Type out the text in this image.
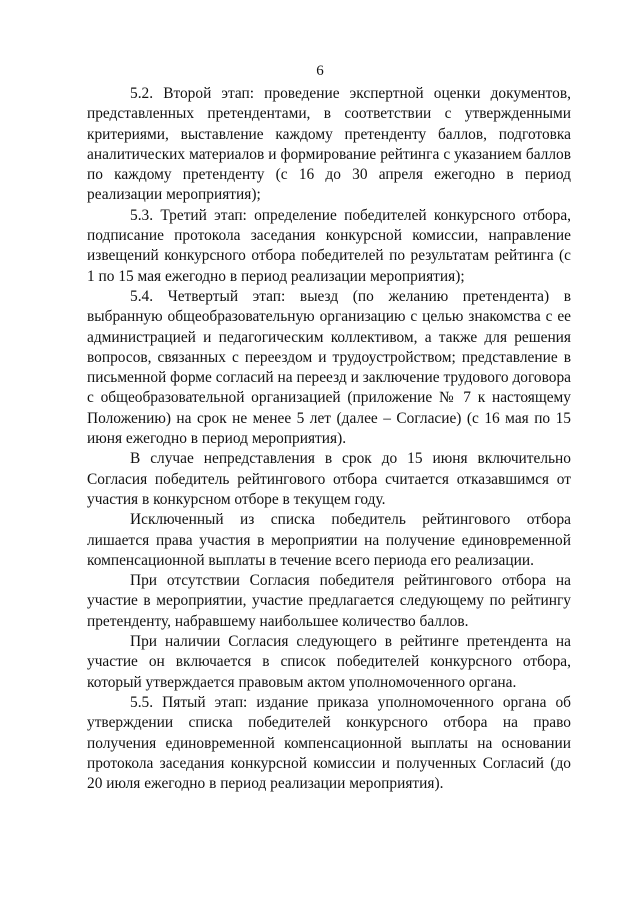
6

5.2. Второй этап: проведение экспертной оценки документов, представленных претендентами, в соответствии с утвержденными критериями, выставление каждому претенденту баллов, подготовка аналитических материалов и формирование рейтинга с указанием баллов по каждому претенденту (с 16 до 30 апреля ежегодно в период реализации мероприятия);

5.3. Третий этап: определение победителей конкурсного отбора, подписание протокола заседания конкурсной комиссии, направление извещений конкурсного отбора победителей по результатам рейтинга (с 1 по 15 мая ежегодно в период реализации мероприятия);

5.4. Четвертый этап: выезд (по желанию претендента) в выбранную общеобразовательную организацию с целью знакомства с ее администрацией и педагогическим коллективом, а также для решения вопросов, связанных с переездом и трудоустройством; представление в письменной форме согласий на переезд и заключение трудового договора с общеобразовательной организацией (приложение № 7 к настоящему Положению) на срок не менее 5 лет (далее – Согласие) (с 16 мая по 15 июня ежегодно в период мероприятия).

В случае непредставления в срок до 15 июня включительно Согласия победитель рейтингового отбора считается отказавшимся от участия в конкурсном отборе в текущем году.

Исключенный из списка победитель рейтингового отбора лишается права участия в мероприятии на получение единовременной компенсационной выплаты в течение всего периода его реализации.

При отсутствии Согласия победителя рейтингового отбора на участие в мероприятии, участие предлагается следующему по рейтингу претенденту, набравшему наибольшее количество баллов.

При наличии Согласия следующего в рейтинге претендента на участие он включается в список победителей конкурсного отбора, который утверждается правовым актом уполномоченного органа.

5.5. Пятый этап: издание приказа уполномоченного органа об утверждении списка победителей конкурсного отбора на право получения единовременной компенсационной выплаты на основании протокола заседания конкурсной комиссии и полученных Согласий (до 20 июля ежегодно в период реализации мероприятия).
